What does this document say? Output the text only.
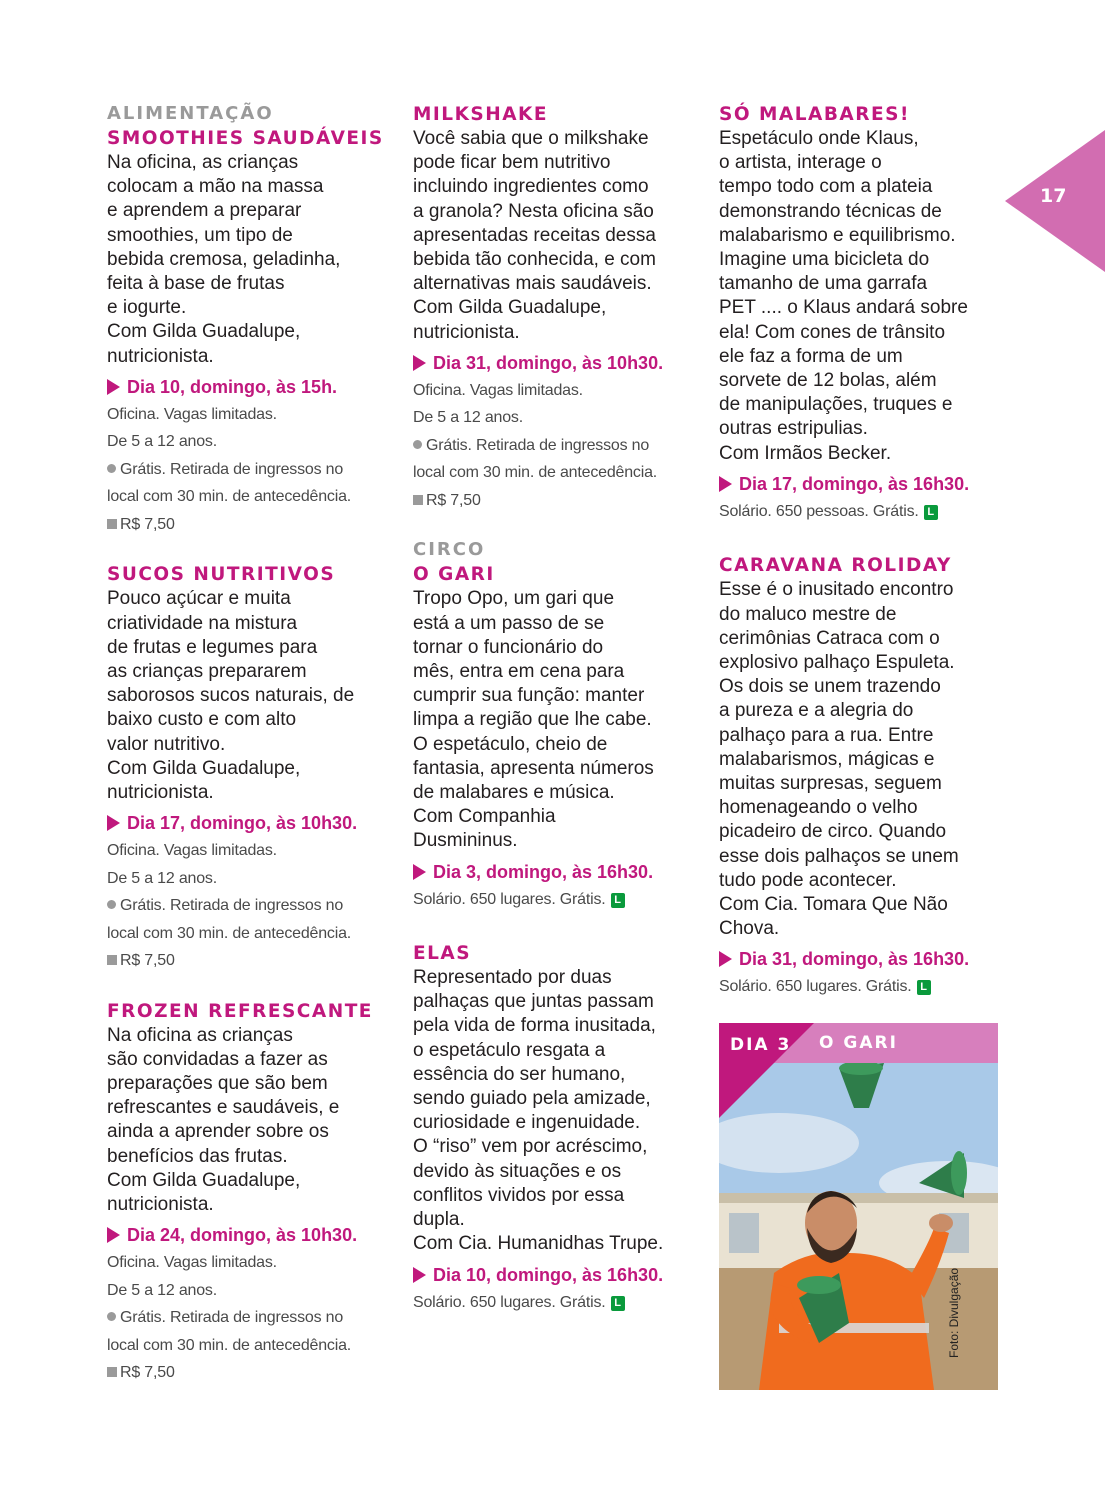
ALIMENTAÇÃO
SMOOTHIES SAUDÁVEIS
Na oficina, as crianças
colocam a mão na massa
e aprendem a preparar
smoothies, um tipo de
bebida cremosa, geladinha,
feita à base de frutas
e iogurte.
Com Gilda Guadalupe,
nutricionista.
Dia 10, domingo, às 15h.
Oficina. Vagas limitadas.
De 5 a 12 anos.
Grátis. Retirada de ingressos no
local com 30 min. de antecedência.
R$ 7,50
SUCOS NUTRITIVOS
Pouco açúcar e muita
criatividade na mistura
de frutas e legumes para
as crianças prepararem
saborosos sucos naturais, de
baixo custo e com alto
valor nutritivo.
Com Gilda Guadalupe,
nutricionista.
Dia 17, domingo, às 10h30.
Oficina. Vagas limitadas.
De 5 a 12 anos.
Grátis. Retirada de ingressos no
local com 30 min. de antecedência.
R$ 7,50
FROZEN REFRESCANTE
Na oficina as crianças
são convidadas a fazer as
preparações que são bem
refrescantes e saudáveis, e
ainda a aprender sobre os
benefícios das frutas.
Com Gilda Guadalupe,
nutricionista.
Dia 24, domingo, às 10h30.
Oficina. Vagas limitadas.
De 5 a 12 anos.
Grátis. Retirada de ingressos no
local com 30 min. de antecedência.
R$ 7,50
MILKSHAKE
Você sabia que o milkshake
pode ficar bem nutritivo
incluindo ingredientes como
a granola? Nesta oficina são
apresentadas receitas dessa
bebida tão conhecida, e com
alternativas mais saudáveis.
Com Gilda Guadalupe,
nutricionista.
Dia 31, domingo, às 10h30.
Oficina. Vagas limitadas.
De 5 a 12 anos.
Grátis. Retirada de ingressos no
local com 30 min. de antecedência.
R$ 7,50
CIRCO
O GARI
Tropo Opo, um gari que
está a um passo de se
tornar o funcionário do
mês, entra em cena para
cumprir sua função: manter
limpa a região que lhe cabe.
O espetáculo, cheio de
fantasia, apresenta números
de malabares e música.
Com Companhia
Dusmininus.
Dia 3, domingo, às 16h30.
Solário. 650 lugares. Grátis. L
ELAS
Representado por duas
palhaças que juntas passam
pela vida de forma inusitada,
o espetáculo resgata a
essência do ser humano,
sendo guiado pela amizade,
curiosidade e ingenuidade.
O “riso” vem por acréscimo,
devido às situações e os
conflitos vividos por essa
dupla.
Com Cia. Humanidhas Trupe.
Dia 10, domingo, às 16h30.
Solário. 650 lugares. Grátis. L
SÓ MALABARES!
Espetáculo onde Klaus,
o artista, interage o
tempo todo com a plateia
demonstrando técnicas de
malabarismo e equilibrismo.
Imagine uma bicicleta do
tamanho de uma garrafa
PET .... o Klaus andará sobre
ela! Com cones de trânsito
ele faz a forma de um
sorvete de 12 bolas, além
de manipulações, truques e
outras estripulias.
Com Irmãos Becker.
Dia 17, domingo, às 16h30.
Solário. 650 pessoas. Grátis. L
CARAVANA ROLIDAY
Esse é o inusitado encontro
do maluco mestre de
cerimônias Catraca com o
explosivo palhaço Espuleta.
Os dois se unem trazendo
a pureza e a alegria do
palhaço para a rua. Entre
malabarismos, mágicas e
muitas surpresas, seguem
homenageando o velho
picadeiro de circo. Quando
esse dois palhaços se unem
tudo pode acontecer.
Com Cia. Tomara Que Não
Chova.
Dia 31, domingo, às 16h30.
Solário. 650 lugares. Grátis. L
17
DIA 3 O GARI
Foto: Divulgação
